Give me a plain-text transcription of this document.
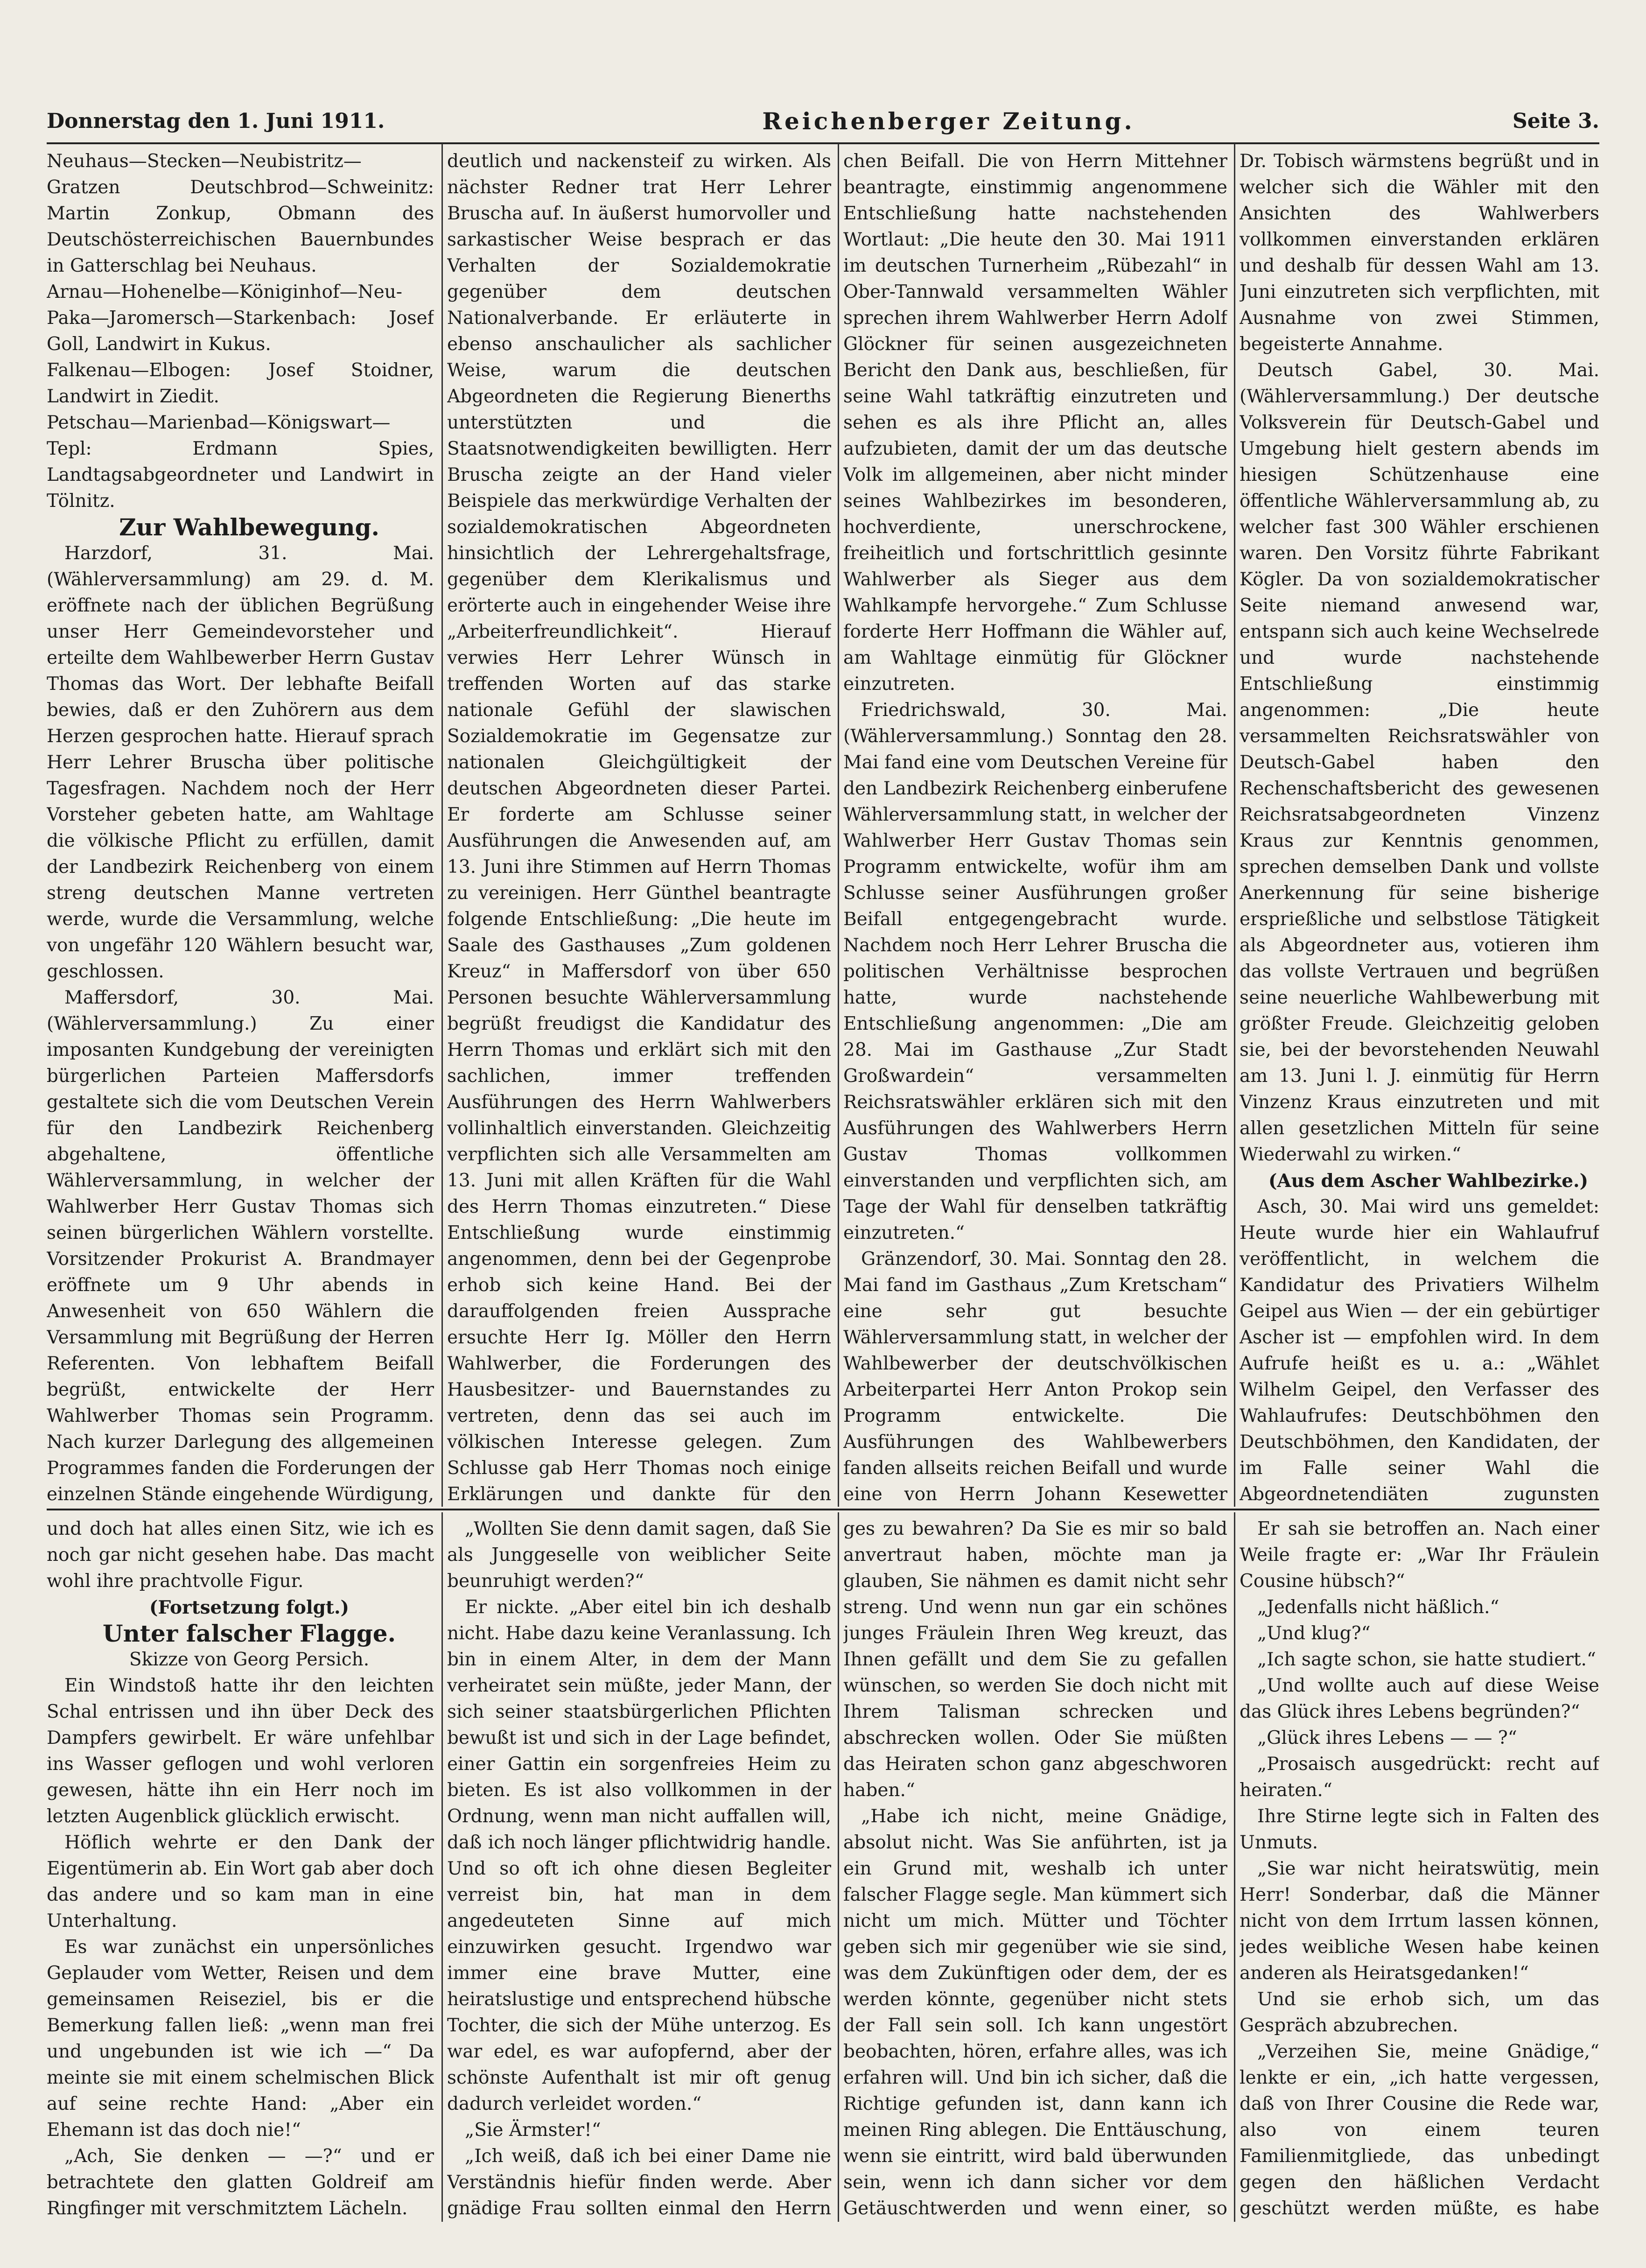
Donnerstag den 1. Juni 1911.	Reichenberger Zeitung.	Seite 3.

Neuhaus—Stecken—Neubistritz—Gratzen Deutschbrod—Schweinitz: Martin Zonkup, Obmann des Deutschösterreichischen Bauernbundes in Gatterschlag bei Neuhaus.

Arnau—Hohenelbe—Königinhof—Neu-Paka—Jaromersch—Starkenbach: Josef Goll, Landwirt in Kukus.

Falkenau—Elbogen: Josef Stoidner, Landwirt in Ziedit.

Petschau—Marienbad—Königswart—Tepl: Erdmann Spies, Landtagsabgeordneter und Landwirt in Tölnitz.

Zur Wahlbewegung.

Harzdorf, 31. Mai. (Wählerversammlung) am 29. d. M. eröffnete nach der üblichen Begrüßung unser Herr Gemeindevorsteher und erteilte dem Wahlbewerber Herrn Gustav Thomas das Wort. Der lebhafte Beifall bewies, daß er den Zuhörern aus dem Herzen gesprochen hatte. Hierauf sprach Herr Lehrer Bruscha über politische Tagesfragen. Nachdem noch der Herr Vorsteher gebeten hatte, am Wahltage die völkische Pflicht zu erfüllen, damit der Landbezirk Reichenberg von einem streng deutschen Manne vertreten werde, wurde die Versammlung, welche von ungefähr 120 Wählern besucht war, geschlossen.

Maffersdorf, 30. Mai. (Wählerversammlung.) Zu einer imposanten Kundgebung der vereinigten bürgerlichen Parteien Maffersdorfs gestaltete sich die vom Deutschen Verein für den Landbezirk Reichenberg abgehaltene, öffentliche Wählerversammlung, in welcher der Wahlwerber Herr Gustav Thomas sich seinen bürgerlichen Wählern vorstellte. Vorsitzender Prokurist A. Brandmayer eröffnete um 9 Uhr abends in Anwesenheit von 650 Wählern die Versammlung mit Begrüßung der Herren Referenten. Von lebhaftem Beifall begrüßt, entwickelte der Herr Wahlwerber Thomas sein Programm. Nach kurzer Darlegung des allgemeinen Programmes fanden die Forderungen der einzelnen Stände eingehende Würdigung,

deutlich und nackensteif zu wirken. Als nächster Redner trat Herr Lehrer Bruscha auf. In äußerst humorvoller und sarkastischer Weise besprach er das Verhalten der Sozialdemokratie gegenüber dem deutschen Nationalverbande. Er erläuterte in ebenso anschaulicher als sachlicher Weise, warum die deutschen Abgeordneten die Regierung Bienerths unterstützten und die Staatsnotwendigkeiten bewilligten. Herr Bruscha zeigte an der Hand vieler Beispiele das merkwürdige Verhalten der sozialdemokratischen Abgeordneten hinsichtlich der Lehrergehaltsfrage, gegenüber dem Klerikalismus und erörterte auch in eingehender Weise ihre „Arbeiterfreundlichkeit“. Hierauf verwies Herr Lehrer Wünsch in treffenden Worten auf das starke nationale Gefühl der slawischen Sozialdemokratie im Gegensatze zur nationalen Gleichgültigkeit der deutschen Abgeordneten dieser Partei. Er forderte am Schlusse seiner Ausführungen die Anwesenden auf, am 13. Juni ihre Stimmen auf Herrn Thomas zu vereinigen. Herr Günthel beantragte folgende Entschließung: „Die heute im Saale des Gasthauses „Zum goldenen Kreuz“ in Maffersdorf von über 650 Personen besuchte Wählerversammlung begrüßt freudigst die Kandidatur des Herrn Thomas und erklärt sich mit den sachlichen, immer treffenden Ausführungen des Herrn Wahlwerbers vollinhaltlich einverstanden. Gleichzeitig verpflichten sich alle Versammelten am 13. Juni mit allen Kräften für die Wahl des Herrn Thomas einzutreten.“ Diese Entschließung wurde einstimmig angenommen, denn bei der Gegenprobe erhob sich keine Hand. Bei der darauffolgenden freien Aussprache ersuchte Herr Ig. Möller den Herrn Wahlwerber, die Forderungen des Hausbesitzer- und Bauernstandes zu vertreten, denn das sei auch im völkischen Interesse gelegen. Zum Schlusse gab Herr Thomas noch einige Erklärungen und dankte für den

chen Beifall. Die von Herrn Mittehner beantragte, einstimmig angenommene Entschließung hatte nachstehenden Wortlaut: „Die heute den 30. Mai 1911 im deutschen Turnerheim „Rübezahl“ in Ober-Tannwald versammelten Wähler sprechen ihrem Wahlwerber Herrn Adolf Glöckner für seinen ausgezeichneten Bericht den Dank aus, beschließen, für seine Wahl tatkräftig einzutreten und sehen es als ihre Pflicht an, alles aufzubieten, damit der um das deutsche Volk im allgemeinen, aber nicht minder seines Wahlbezirkes im besonderen, hochverdiente, unerschrockene, freiheitlich und fortschrittlich gesinnte Wahlwerber als Sieger aus dem Wahlkampfe hervorgehe.“ Zum Schlusse forderte Herr Hoffmann die Wähler auf, am Wahltage einmütig für Glöckner einzutreten.

Friedrichswald, 30. Mai. (Wählerversammlung.) Sonntag den 28. Mai fand eine vom Deutschen Vereine für den Landbezirk Reichenberg einberufene Wählerversammlung statt, in welcher der Wahlwerber Herr Gustav Thomas sein Programm entwickelte, wofür ihm am Schlusse seiner Ausführungen großer Beifall entgegengebracht wurde. Nachdem noch Herr Lehrer Bruscha die politischen Verhältnisse besprochen hatte, wurde nachstehende Entschließung angenommen: „Die am 28. Mai im Gasthause „Zur Stadt Großwardein“ versammelten Reichsratswähler erklären sich mit den Ausführungen des Wahlwerbers Herrn Gustav Thomas vollkommen einverstanden und verpflichten sich, am Tage der Wahl für denselben tatkräftig einzutreten.“

Gränzendorf, 30. Mai. Sonntag den 28. Mai fand im Gasthaus „Zum Kretscham“ eine sehr gut besuchte Wählerversammlung statt, in welcher der Wahlbewerber der deutschvölkischen Arbeiterpartei Herr Anton Prokop sein Programm entwickelte. Die Ausführungen des Wahlbewerbers fanden allseits reichen Beifall und wurde eine von Herrn Johann Kesewetter

Dr. Tobisch wärmstens begrüßt und in welcher sich die Wähler mit den Ansichten des Wahlwerbers vollkommen einverstanden erklären und deshalb für dessen Wahl am 13. Juni einzutreten sich verpflichten, mit Ausnahme von zwei Stimmen, begeisterte Annahme.

Deutsch Gabel, 30. Mai. (Wählerversammlung.) Der deutsche Volksverein für Deutsch-Gabel und Umgebung hielt gestern abends im hiesigen Schützenhause eine öffentliche Wählerversammlung ab, zu welcher fast 300 Wähler erschienen waren. Den Vorsitz führte Fabrikant Kögler. Da von sozialdemokratischer Seite niemand anwesend war, entspann sich auch keine Wechselrede und wurde nachstehende Entschließung einstimmig angenommen: „Die heute versammelten Reichsratswähler von Deutsch-Gabel haben den Rechenschaftsbericht des gewesenen Reichsratsabgeordneten Vinzenz Kraus zur Kenntnis genommen, sprechen demselben Dank und vollste Anerkennung für seine bisherige ersprießliche und selbstlose Tätigkeit als Abgeordneter aus, votieren ihm das vollste Vertrauen und begrüßen seine neuerliche Wahlbewerbung mit größter Freude. Gleichzeitig geloben sie, bei der bevorstehenden Neuwahl am 13. Juni l. J. einmütig für Herrn Vinzenz Kraus einzutreten und mit allen gesetzlichen Mitteln für seine Wiederwahl zu wirken.“

(Aus dem Ascher Wahlbezirke.)

Asch, 30. Mai wird uns gemeldet: Heute wurde hier ein Wahlaufruf veröffentlicht, in welchem die Kandidatur des Privatiers Wilhelm Geipel aus Wien — der ein gebürtiger Ascher ist — empfohlen wird. In dem Aufrufe heißt es u. a.: „Wählet Wilhelm Geipel, den Verfasser des Wahlaufrufes: Deutschböhmen den Deutschböhmen, den Kandidaten, der im Falle seiner Wahl die Abgeordnetendiäten zugunsten

und doch hat alles einen Sitz, wie ich es noch gar nicht gesehen habe. Das macht wohl ihre prachtvolle Figur.

(Fortsetzung folgt.)

Unter falscher Flagge.

Skizze von Georg Persich.

Ein Windstoß hatte ihr den leichten Schal entrissen und ihn über Deck des Dampfers gewirbelt. Er wäre unfehlbar ins Wasser geflogen und wohl verloren gewesen, hätte ihn ein Herr noch im letzten Augenblick glücklich erwischt.

Höflich wehrte er den Dank der Eigentümerin ab. Ein Wort gab aber doch das andere und so kam man in eine Unterhaltung.

Es war zunächst ein unpersönliches Geplauder vom Wetter, Reisen und dem gemeinsamen Reiseziel, bis er die Bemerkung fallen ließ: „wenn man frei und ungebunden ist wie ich —“ Da meinte sie mit einem schelmischen Blick auf seine rechte Hand: „Aber ein Ehemann ist das doch nie!“

„Ach, Sie denken — —?“ und er betrachtete den glatten Goldreif am Ringfinger mit verschmitztem Lächeln.

„Wollten Sie denn damit sagen, daß Sie als Junggeselle von weiblicher Seite beunruhigt werden?“

Er nickte. „Aber eitel bin ich deshalb nicht. Habe dazu keine Veranlassung. Ich bin in einem Alter, in dem der Mann verheiratet sein müßte, jeder Mann, der sich seiner staatsbürgerlichen Pflichten bewußt ist und sich in der Lage befindet, einer Gattin ein sorgenfreies Heim zu bieten. Es ist also vollkommen in der Ordnung, wenn man nicht auffallen will, daß ich noch länger pflichtwidrig handle. Und so oft ich ohne diesen Begleiter verreist bin, hat man in dem angedeuteten Sinne auf mich einzuwirken gesucht. Irgendwo war immer eine brave Mutter, eine heiratslustige und entsprechend hübsche Tochter, die sich der Mühe unterzog. Es war edel, es war aufopfernd, aber der schönste Aufenthalt ist mir oft genug dadurch verleidet worden.“

„Sie Ärmster!“

„Ich weiß, daß ich bei einer Dame nie Verständnis hiefür finden werde. Aber gnädige Frau sollten einmal den Herrn

ges zu bewahren? Da Sie es mir so bald anvertraut haben, möchte man ja glauben, Sie nähmen es damit nicht sehr streng. Und wenn nun gar ein schönes junges Fräulein Ihren Weg kreuzt, das Ihnen gefällt und dem Sie zu gefallen wünschen, so werden Sie doch nicht mit Ihrem Talisman schrecken und abschrecken wollen. Oder Sie müßten das Heiraten schon ganz abgeschworen haben.“

„Habe ich nicht, meine Gnädige, absolut nicht. Was Sie anführten, ist ja ein Grund mit, weshalb ich unter falscher Flagge segle. Man kümmert sich nicht um mich. Mütter und Töchter geben sich mir gegenüber wie sie sind, was dem Zukünftigen oder dem, der es werden könnte, gegenüber nicht stets der Fall sein soll. Ich kann ungestört beobachten, hören, erfahre alles, was ich erfahren will. Und bin ich sicher, daß die Richtige gefunden ist, dann kann ich meinen Ring ablegen. Die Enttäuschung, wenn sie eintritt, wird bald überwunden sein, wenn ich dann sicher vor dem Getäuschtwerden und wenn einer, so

Er sah sie betroffen an. Nach einer Weile fragte er: „War Ihr Fräulein Cousine hübsch?“

„Jedenfalls nicht häßlich.“

„Und klug?“

„Ich sagte schon, sie hatte studiert.“

„Und wollte auch auf diese Weise das Glück ihres Lebens begründen?“

„Glück ihres Lebens — — ?“

„Prosaisch ausgedrückt: recht auf heiraten.“

Ihre Stirne legte sich in Falten des Unmuts.

„Sie war nicht heiratswütig, mein Herr! Sonderbar, daß die Männer nicht von dem Irrtum lassen können, jedes weibliche Wesen habe keinen anderen als Heiratsgedanken!“

Und sie erhob sich, um das Gespräch abzubrechen.

„Verzeihen Sie, meine Gnädige,“ lenkte er ein, „ich hatte vergessen, daß von Ihrer Cousine die Rede war, also von einem teuren Familienmitgliede, das unbedingt gegen den häßlichen Verdacht geschützt werden müßte, es habe
